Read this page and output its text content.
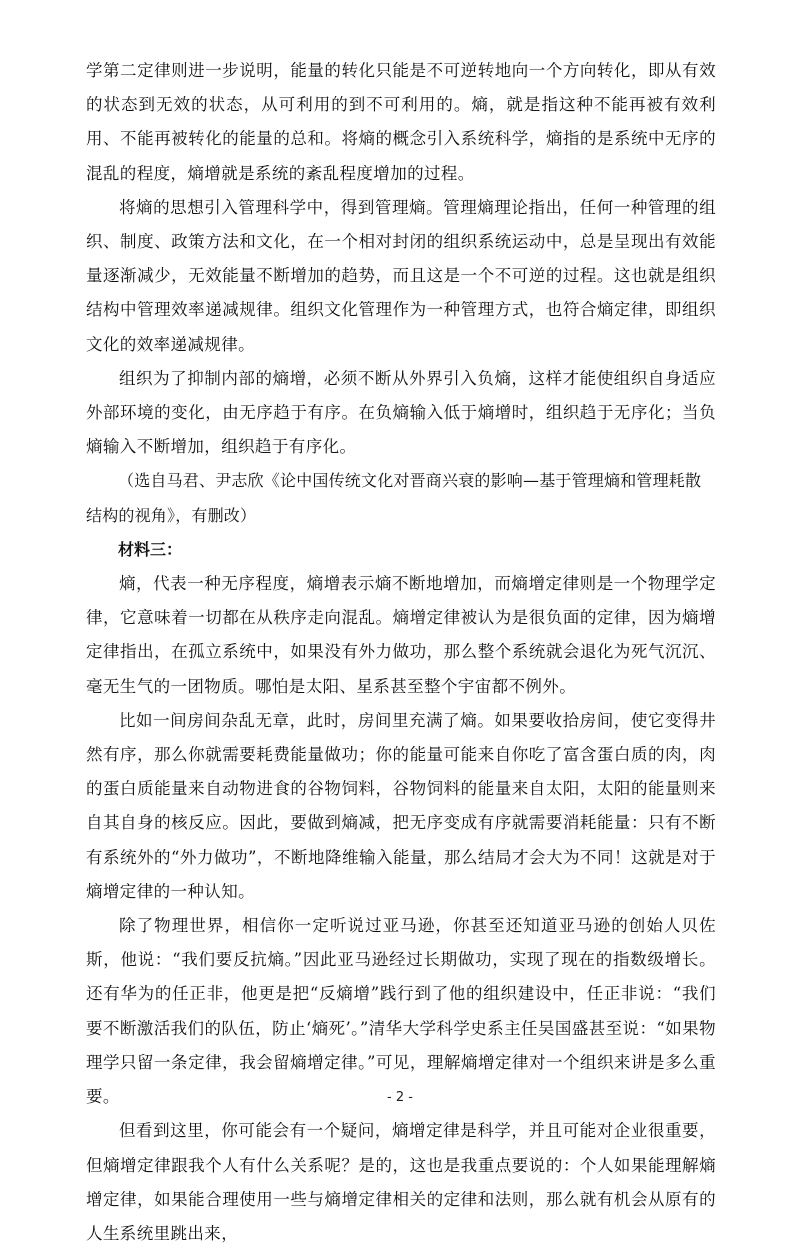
学第二定律则进一步说明，能量的转化只能是不可逆转地向一个方向转化，即从有效的状态到无效的状态，从可利用的到不可利用的。熵，就是指这种不能再被有效利用、不能再被转化的能量的总和。将熵的概念引入系统科学，熵指的是系统中无序的混乱的程度，熵增就是系统的紊乱程度增加的过程。

将熵的思想引入管理科学中，得到管理熵。管理熵理论指出，任何一种管理的组织、制度、政策方法和文化，在一个相对封闭的组织系统运动中，总是呈现出有效能量逐渐减少，无效能量不断增加的趋势，而且这是一个不可逆的过程。这也就是组织结构中管理效率递减规律。组织文化管理作为一种管理方式，也符合熵定律，即组织文化的效率递减规律。

组织为了抑制内部的熵增，必须不断从外界引入负熵，这样才能使组织自身适应外部环境的变化，由无序趋于有序。在负熵输入低于熵增时，组织趋于无序化；当负熵输入不断增加，组织趋于有序化。

（选自马君、尹志欣《论中国传统文化对晋商兴衰的影响—基于管理熵和管理耗散结构的视角》，有删改）

材料三：

熵，代表一种无序程度，熵增表示熵不断地增加，而熵增定律则是一个物理学定律，它意味着一切都在从秩序走向混乱。熵增定律被认为是很负面的定律，因为熵增定律指出，在孤立系统中，如果没有外力做功，那么整个系统就会退化为死气沉沉、毫无生气的一团物质。哪怕是太阳、星系甚至整个宇宙都不例外。

比如一间房间杂乱无章，此时，房间里充满了熵。如果要收拾房间，使它变得井然有序，那么你就需要耗费能量做功；你的能量可能来自你吃了富含蛋白质的肉，肉的蛋白质能量来自动物进食的谷物饲料，谷物饲料的能量来自太阳，太阳的能量则来自其自身的核反应。因此，要做到熵减，把无序变成有序就需要消耗能量：只有不断有系统外的“外力做功”，不断地降维输入能量，那么结局才会大为不同！这就是对于熵增定律的一种认知。

除了物理世界，相信你一定听说过亚马逊，你甚至还知道亚马逊的创始人贝佐斯，他说：“我们要反抗熵。”因此亚马逊经过长期做功，实现了现在的指数级增长。还有华为的任正非，他更是把“反熵增”践行到了他的组织建设中，任正非说：“我们要不断激活我们的队伍，防止‘熵死’。”清华大学科学史系主任吴国盛甚至说：“如果物理学只留一条定律，我会留熵增定律。”可见，理解熵增定律对一个组织来讲是多么重要。

但看到这里，你可能会有一个疑问，熵增定律是科学，并且可能对企业很重要，但熵增定律跟我个人有什么关系呢？是的，这也是我重点要说的：个人如果能理解熵增定律，如果能合理使用一些与熵增定律相关的定律和法则，那么就有机会从原有的人生系统里跳出来，

- 2 -
